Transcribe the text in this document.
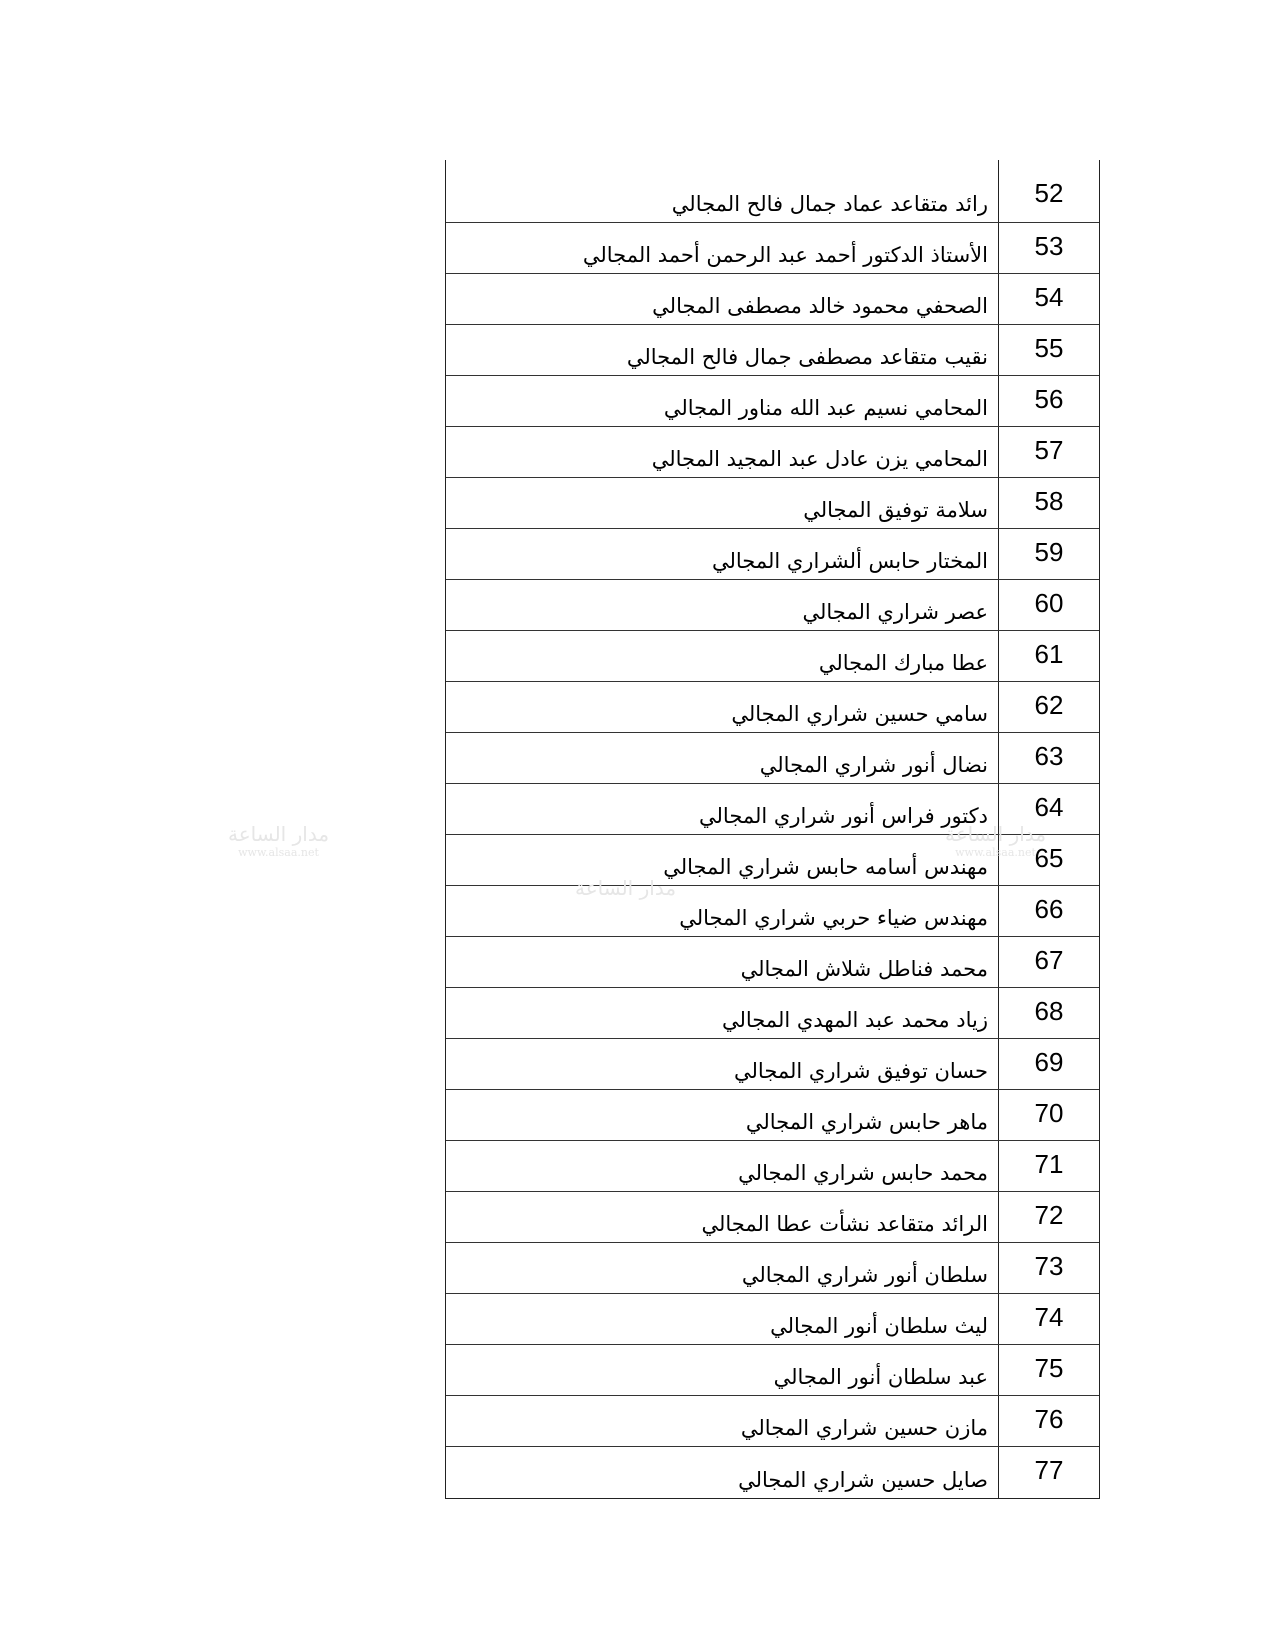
رائد متقاعد عماد جمال فالح المجالي	52
الأستاذ الدكتور أحمد عبد الرحمن أحمد المجالي	53
الصحفي محمود خالد مصطفى المجالي	54
نقيب متقاعد مصطفى جمال فالح المجالي	55
المحامي نسيم عبد الله مناور المجالي	56
المحامي يزن عادل عبد المجيد المجالي	57
سلامة توفيق المجالي	58
المختار حابس ألشراري المجالي	59
عصر شراري المجالي	60
عطا مبارك المجالي	61
سامي حسين شراري المجالي	62
نضال أنور شراري المجالي	63
دكتور فراس أنور شراري المجالي	64
مهندس أسامه حابس شراري المجالي	65
مهندس ضياء حربي شراري المجالي	66
محمد فناطل شلاش المجالي	67
زياد محمد عبد المهدي المجالي	68
حسان توفيق شراري المجالي	69
ماهر حابس شراري المجالي	70
محمد حابس شراري المجالي	71
الرائد متقاعد نشأت عطا المجالي	72
سلطان أنور شراري المجالي	73
ليث سلطان أنور المجالي	74
عبد سلطان أنور المجالي	75
مازن حسين شراري المجالي	76
صايل حسين شراري المجالي	77
مدار الساعة
www.alsaa.net
مدار الساعة
www.alsaa.net
مدار الساعة
